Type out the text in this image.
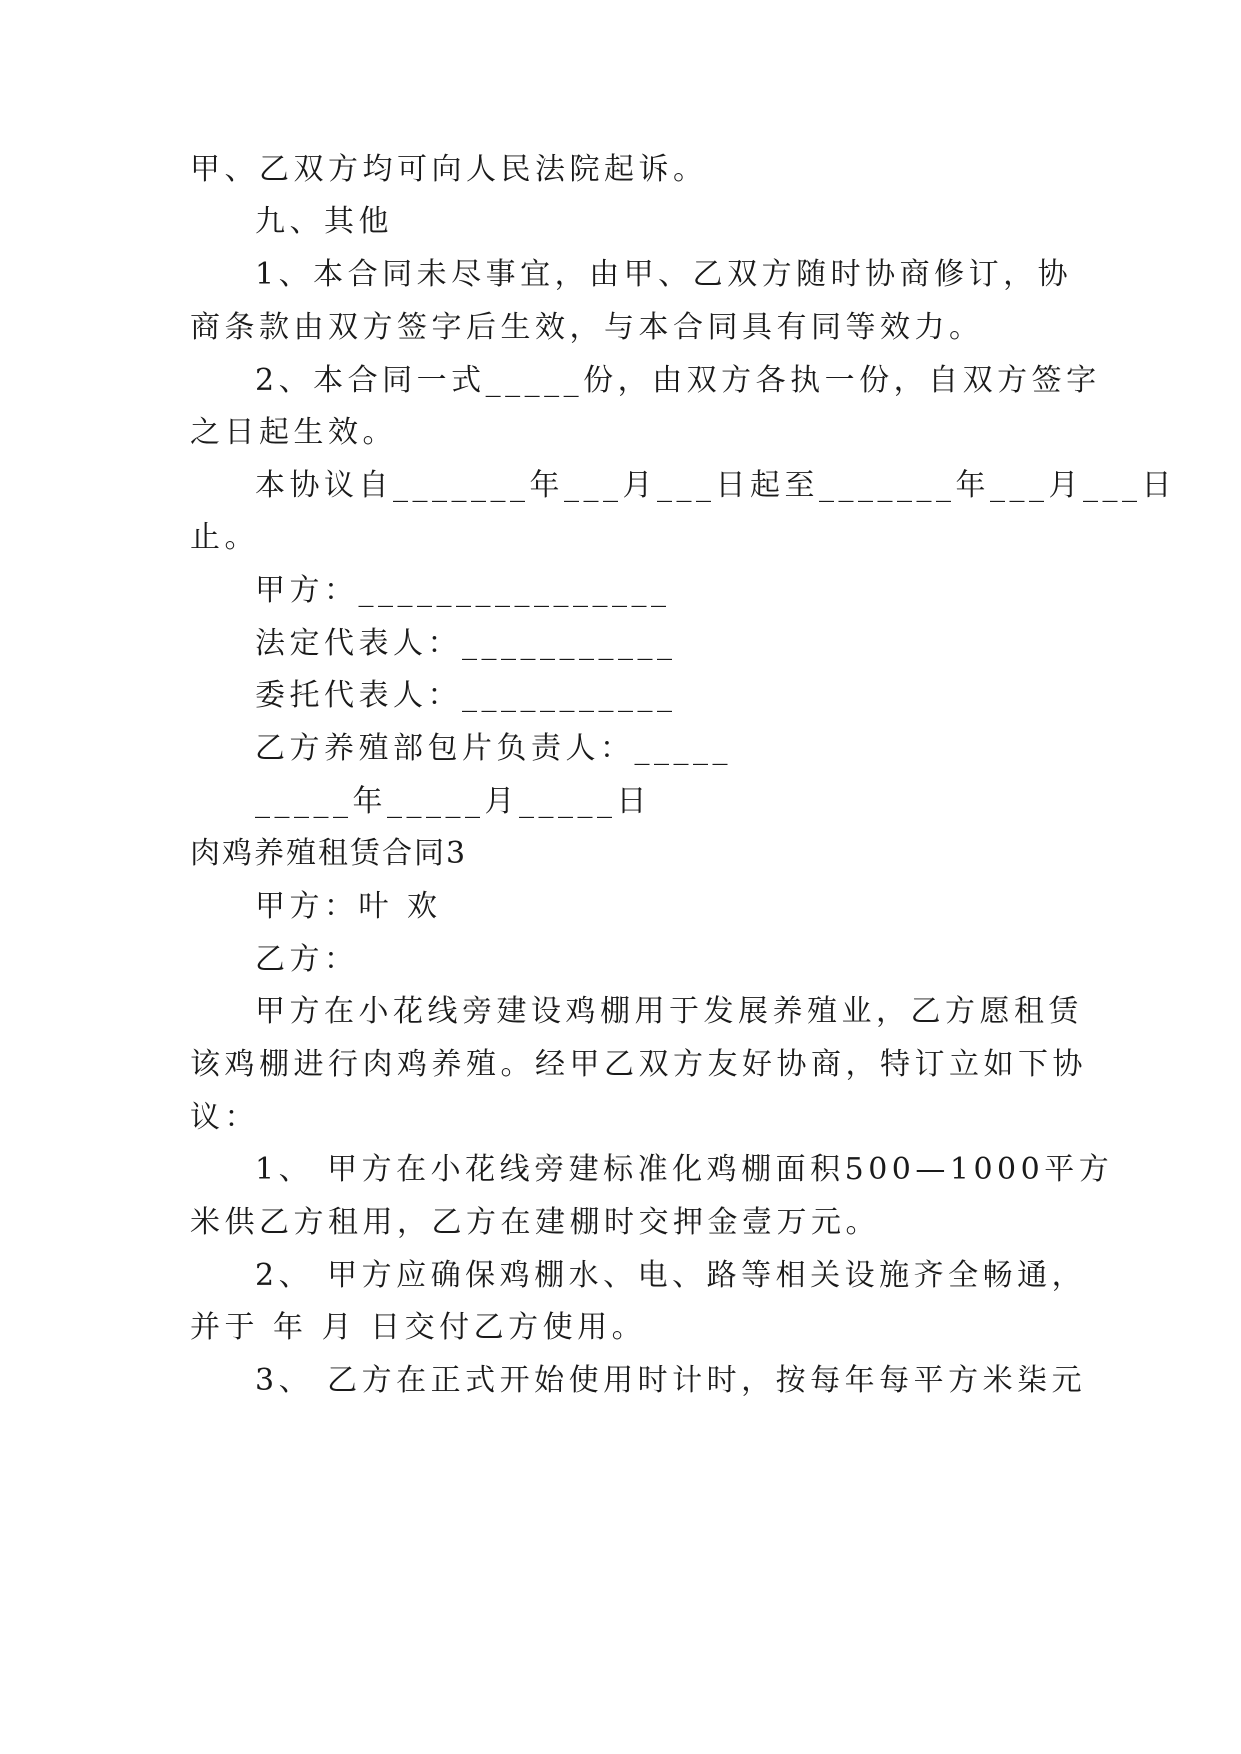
甲、乙双方均可向人民法院起诉。
九、其他
1、本合同未尽事宜，由甲、乙双方随时协商修订，协
商条款由双方签字后生效，与本合同具有同等效力。
2、本合同一式_____份，由双方各执一份，自双方签字
之日起生效。
本协议自_______年___月___日起至_______年___月___日
止。
甲方：________________
法定代表人：___________
委托代表人：___________
乙方养殖部包片负责人：_____
_____年_____月_____日
肉鸡养殖租赁合同3
甲方：叶 欢
乙方：
甲方在小花线旁建设鸡棚用于发展养殖业，乙方愿租赁
该鸡棚进行肉鸡养殖。经甲乙双方友好协商，特订立如下协
议：
1、 甲方在小花线旁建标准化鸡棚面积500—1000平方
米供乙方租用，乙方在建棚时交押金壹万元。
2、 甲方应确保鸡棚水、电、路等相关设施齐全畅通，
并于 年 月 日交付乙方使用。
3、 乙方在正式开始使用时计时，按每年每平方米柒元
